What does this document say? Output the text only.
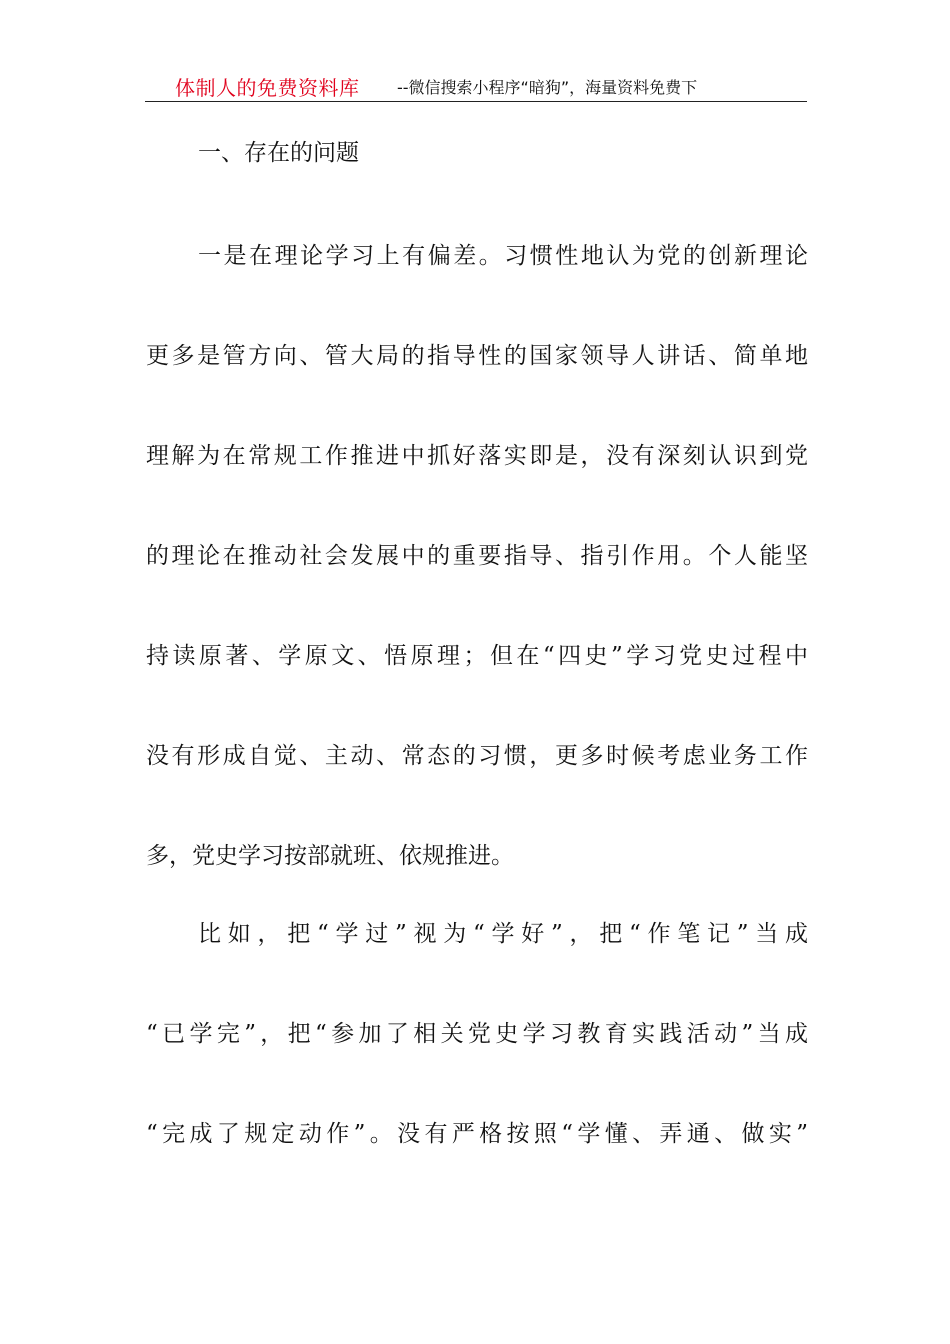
体制人的免费资料库 --微信搜索小程序“暗狗”，海量资料免费下
一、存在的问题
一是在理论学习上有偏差。习惯性地认为党的创新理论
更多是管方向、管大局的指导性的国家领导人讲话、简单地
理解为在常规工作推进中抓好落实即是，没有深刻认识到党
的理论在推动社会发展中的重要指导、指引作用。个人能坚
持读原著、学原文、悟原理；但在“四史”学习党史过程中
没有形成自觉、主动、常态的习惯，更多时候考虑业务工作
多，党史学习按部就班、依规推进。
比如，把“学过”视为“学好”，把“作笔记”当成
“已学完”，把“参加了相关党史学习教育实践活动”当成
“完成了规定动作”。没有严格按照“学懂、弄通、做实”
